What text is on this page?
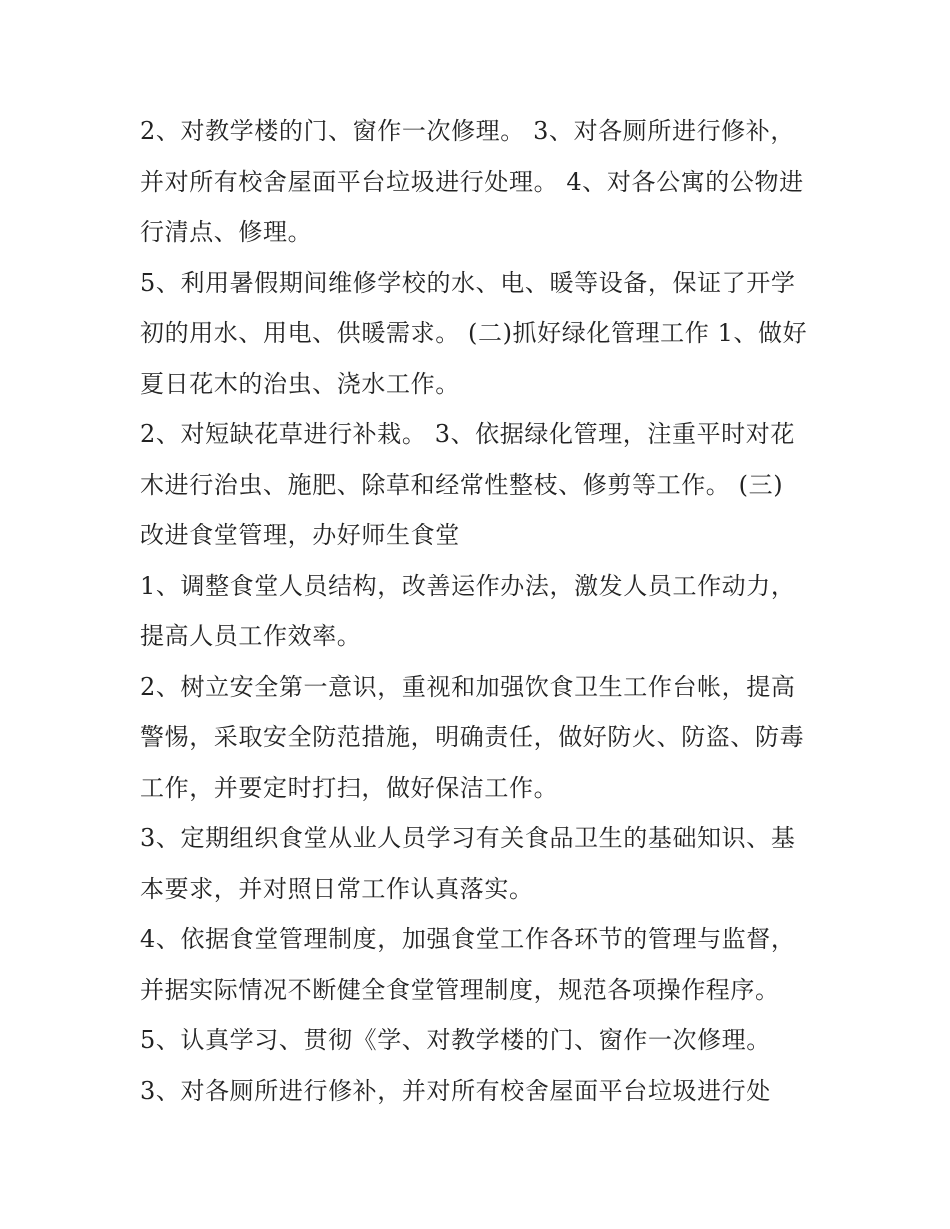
2、对教学楼的门、窗作一次修理。 3、对各厕所进行修补，
并对所有校舍屋面平台垃圾进行处理。 4、对各公寓的公物进
行清点、修理。

5、利用暑假期间维修学校的水、电、暖等设备，保证了开学
初的用水、用电、供暖需求。 (二)抓好绿化管理工作 1、做好
夏日花木的治虫、浇水工作。

2、对短缺花草进行补栽。 3、依据绿化管理，注重平时对花
木进行治虫、施肥、除草和经常性整枝、修剪等工作。 (三)
改进食堂管理，办好师生食堂

1、调整食堂人员结构，改善运作办法，激发人员工作动力，
提高人员工作效率。

2、树立安全第一意识，重视和加强饮食卫生工作台帐，提高
警惕，采取安全防范措施，明确责任，做好防火、防盗、防毒
工作，并要定时打扫，做好保洁工作。

3、定期组织食堂从业人员学习有关食品卫生的基础知识、基
本要求，并对照日常工作认真落实。

4、依据食堂管理制度，加强食堂工作各环节的管理与监督，
并据实际情况不断健全食堂管理制度，规范各项操作程序。

5、认真学习、贯彻《学、对教学楼的门、窗作一次修理。

3、对各厕所进行修补，并对所有校舍屋面平台垃圾进行处
